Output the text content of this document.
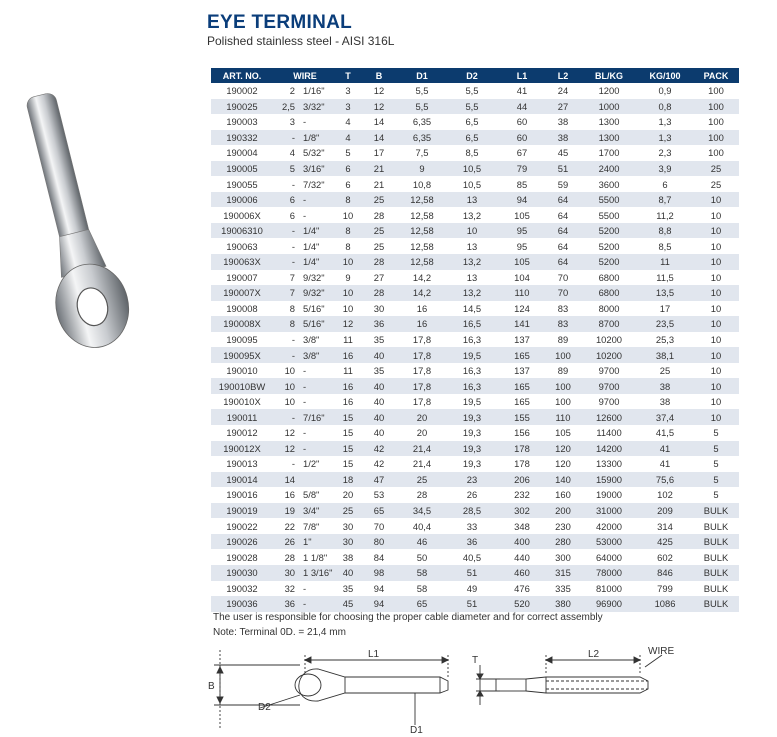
EYE TERMINAL
Polished stainless steel - AISI 316L
ART. NO.	WIRE		T	B	D1	D2	L1	L2	BL/KG	KG/100	PACK
190002	2	1/16"	3	12	5,5	5,5	41	24	1200	0,9	100
190025	2,5	3/32"	3	12	5,5	5,5	44	27	1000	0,8	100
190003	3	-	4	14	6,35	6,5	60	38	1300	1,3	100
190332	-	1/8"	4	14	6,35	6,5	60	38	1300	1,3	100
190004	4	5/32"	5	17	7,5	8,5	67	45	1700	2,3	100
190005	5	3/16"	6	21	9	10,5	79	51	2400	3,9	25
190055	-	7/32"	6	21	10,8	10,5	85	59	3600	6	25
190006	6	-	8	25	12,58	13	94	64	5500	8,7	10
190006X	6	-	10	28	12,58	13,2	105	64	5500	11,2	10
19006310	-	1/4"	8	25	12,58	10	95	64	5200	8,8	10
190063	-	1/4"	8	25	12,58	13	95	64	5200	8,5	10
190063X	-	1/4"	10	28	12,58	13,2	105	64	5200	11	10
190007	7	9/32"	9	27	14,2	13	104	70	6800	11,5	10
190007X	7	9/32"	10	28	14,2	13,2	110	70	6800	13,5	10
190008	8	5/16"	10	30	16	14,5	124	83	8000	17	10
190008X	8	5/16"	12	36	16	16,5	141	83	8700	23,5	10
190095	-	3/8"	11	35	17,8	16,3	137	89	10200	25,3	10
190095X	-	3/8"	16	40	17,8	19,5	165	100	10200	38,1	10
190010	10	-	11	35	17,8	16,3	137	89	9700	25	10
190010BW	10	-	16	40	17,8	16,3	165	100	9700	38	10
190010X	10	-	16	40	17,8	19,5	165	100	9700	38	10
190011	-	7/16"	15	40	20	19,3	155	110	12600	37,4	10
190012	12	-	15	40	20	19,3	156	105	11400	41,5	5
190012X	12	-	15	42	21,4	19,3	178	120	14200	41	5
190013	-	1/2"	15	42	21,4	19,3	178	120	13300	41	5
190014	14		18	47	25	23	206	140	15900	75,6	5
190016	16	5/8"	20	53	28	26	232	160	19000	102	5
190019	19	3/4"	25	65	34,5	28,5	302	200	31000	209	BULK
190022	22	7/8"	30	70	40,4	33	348	230	42000	314	BULK
190026	26	1"	30	80	46	36	400	280	53000	425	BULK
190028	28	1 1/8"	38	84	50	40,5	440	300	64000	602	BULK
190030	30	1 3/16"	40	98	58	51	460	315	78000	846	BULK
190032	32	-	35	94	58	49	476	335	81000	799	BULK
190036	36	-	45	94	65	51	520	380	96900	1086	BULK
The user is responsible for choosing the proper cable diameter and for correct assembly
Note: Terminal 0D. = 21,4 mm
L1
B
D2
D1
T
L2	WIRE
